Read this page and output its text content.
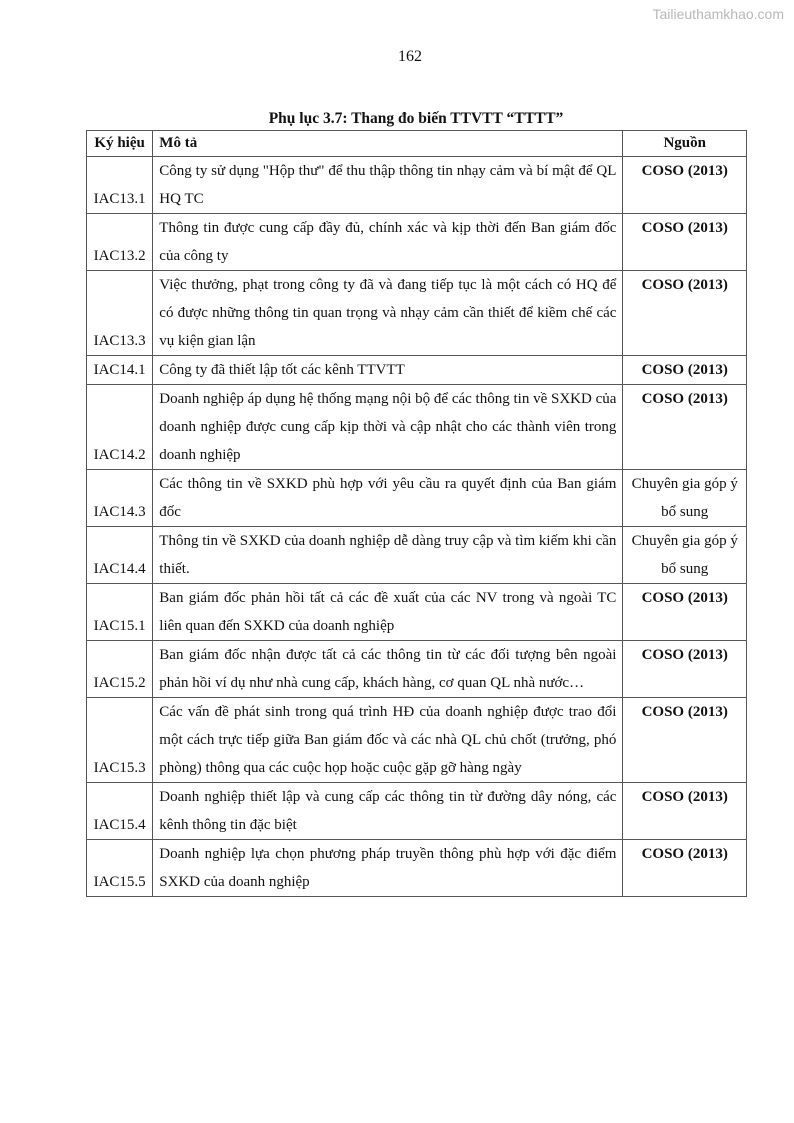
Tailieuthamkhao.com
162
Phụ lục 3.7: Thang đo biến TTVTT “TTTT”
Ký hiệu	Mô tả	Nguồn
IAC13.1	Công ty sử dụng "Hộp thư" để thu thập thông tin nhạy cảm và bí mật để QL HQ TC	COSO (2013)
IAC13.2	Thông tin được cung cấp đầy đủ, chính xác và kịp thời đến Ban giám đốc của công ty	COSO (2013)
IAC13.3	Việc thưởng, phạt trong công ty đã và đang tiếp tục là một cách có HQ để có được những thông tin quan trọng và nhạy cảm cần thiết để kiềm chế các vụ kiện gian lận	COSO (2013)
IAC14.1	Công ty đã thiết lập tốt các kênh TTVTT	COSO (2013)
IAC14.2	Doanh nghiệp áp dụng hệ thống mạng nội bộ để các thông tin về SXKD của doanh nghiệp được cung cấp kịp thời và cập nhật cho các thành viên trong doanh nghiệp	COSO (2013)
IAC14.3	Các thông tin về SXKD phù hợp với yêu cầu ra quyết định của Ban giám đốc	Chuyên gia góp ý bổ sung
IAC14.4	Thông tin về SXKD của doanh nghiệp dễ dàng truy cập và tìm kiếm khi cần thiết.	Chuyên gia góp ý bổ sung
IAC15.1	Ban giám đốc phản hồi tất cả các đề xuất của các NV trong và ngoài TC liên quan đến SXKD của doanh nghiệp	COSO (2013)
IAC15.2	Ban giám đốc nhận được tất cả các thông tin từ các đối tượng bên ngoài phản hồi ví dụ như nhà cung cấp, khách hàng, cơ quan QL nhà nước…	COSO (2013)
IAC15.3	Các vấn đề phát sinh trong quá trình HĐ của doanh nghiệp được trao đổi một cách trực tiếp giữa Ban giám đốc và các nhà QL chủ chốt (trưởng, phó phòng) thông qua các cuộc họp hoặc cuộc gặp gỡ hàng ngày	COSO (2013)
IAC15.4	Doanh nghiệp thiết lập và cung cấp các thông tin từ đường dây nóng, các kênh thông tin đặc biệt	COSO (2013)
IAC15.5	Doanh nghiệp lựa chọn phương pháp truyền thông phù hợp với đặc điểm SXKD của doanh nghiệp	COSO (2013)
